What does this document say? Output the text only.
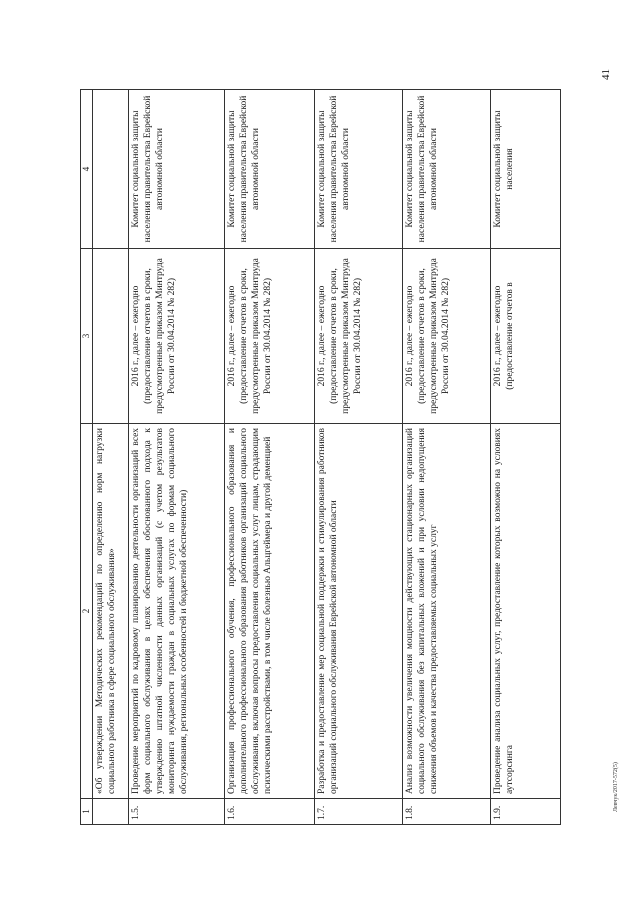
41
Левчук/2017-572(5)
1	2	3	4
	«Об утверждении Методических рекомендаций по определению норм нагрузки социального работника в сфере социального обслуживания»		
1.5.	Проведение мероприятий по кадровому планированию деятельности организаций всех форм социального обслуживания в целях обеспечения обоснованного подхода к утверждению штатной численности данных организаций (с учетом результатов мониторинга нуждаемости граждан в социальных услугах по формам социального обслуживания, региональных особенностей и бюджетной обеспеченности)	2016 г., далее – ежегодно (предоставление отчетов в сроки, предусмотренные приказом Минтруда России от 30.04.2014 № 282)	Комитет социальной защиты населения правительства Еврейской автономной области
1.6.	Организация профессионального обучения, профессионального образования и дополнительного профессионального образования работников организаций социального обслуживания, включая вопросы предоставления социальных услуг лицам, страдающим психическими расстройствами, в том числе болезнью Альцгеймера и другой деменцией	2016 г., далее – ежегодно (предоставление отчетов в сроки, предусмотренные приказом Минтруда России от 30.04.2014 № 282)	Комитет социальной защиты населения правительства Еврейской автономной области
1.7.	Разработка и предоставление мер социальной поддержки и стимулирования работников организаций социального обслуживания Еврейской автономной области	2016 г., далее – ежегодно (предоставление отчетов в сроки, предусмотренные приказом Минтруда России от 30.04.2014 № 282)	Комитет социальной защиты населения правительства Еврейской автономной области
1.8.	Анализ возможности увеличения мощности действующих стационарных организаций социального обслуживания без капитальных вложений и при условии недопущения снижения объемов и качества предоставляемых социальных услуг	2016 г., далее – ежегодно (предоставление отчетов в сроки, предусмотренные приказом Минтруда России от 30.04.2014 № 282)	Комитет социальной защиты населения правительства Еврейской автономной области
1.9.	Проведение анализа социальных услуг, предоставление которых возможно на условиях аутсорсинга	2016 г., далее – ежегодно (предоставление отчетов в	Комитет социальной защиты населения
